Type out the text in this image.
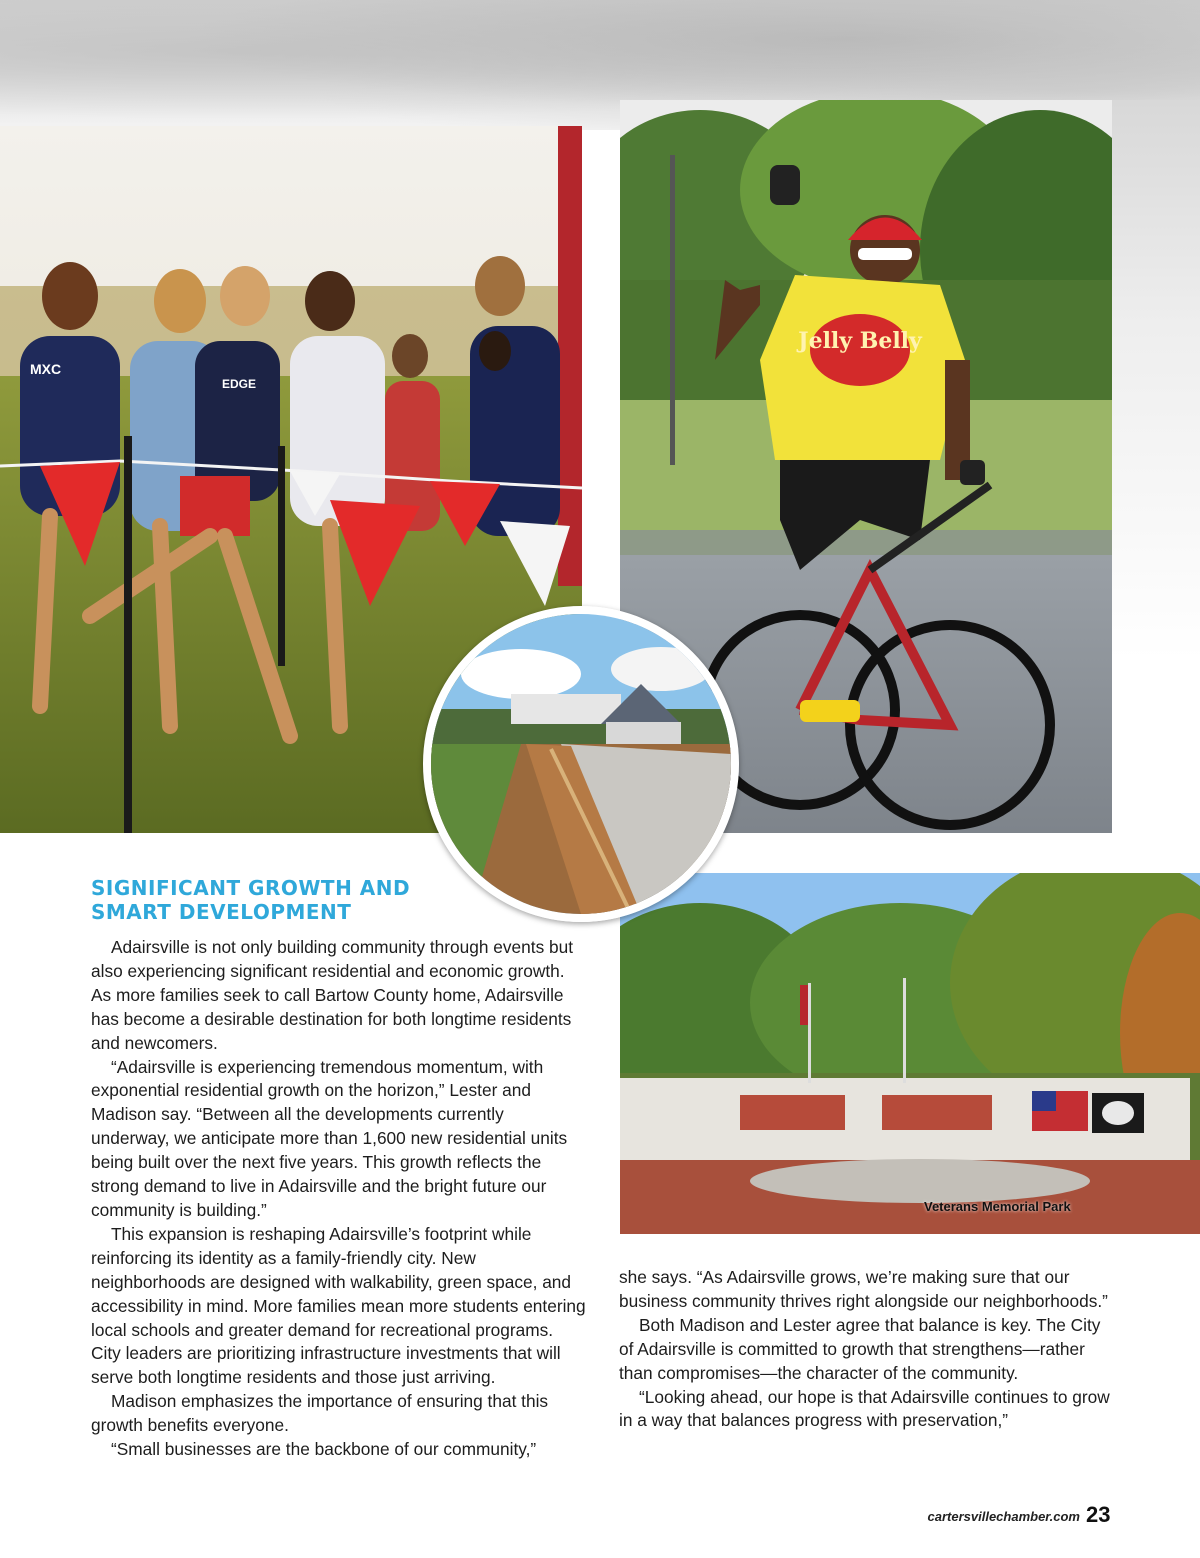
MXC
EDGE
Jelly Belly
Veterans Memorial Park
SIGNIFICANT GROWTH AND SMART DEVELOPMENT

Adairsville is not only building community through events but also experiencing significant residential and economic growth. As more families seek to call Bartow County home, Adairsville has become a desirable destination for both longtime residents and newcomers.

“Adairsville is experiencing tremendous momentum, with exponential residential growth on the horizon,” Lester and Madison say. “Between all the developments currently underway, we anticipate more than 1,600 new residential units being built over the next five years. This growth reflects the strong demand to live in Adairsville and the bright future our community is building.”

This expansion is reshaping Adairsville’s footprint while reinforcing its identity as a family-friendly city. New neighborhoods are designed with walkability, green space, and accessibility in mind. More families mean more students entering local schools and greater demand for recreational programs. City leaders are prioritizing infrastructure investments that will serve both longtime residents and those just arriving.

Madison emphasizes the importance of ensuring that this growth benefits everyone.

“Small businesses are the backbone of our community,”

she says. “As Adairsville grows, we’re making sure that our business community thrives right alongside our neighborhoods.”

Both Madison and Lester agree that balance is key. The City of Adairsville is committed to growth that strengthens—rather than compromises—the character of the community.

“Looking ahead, our hope is that Adairsville continues to grow in a way that balances progress with preservation,”

cartersvillechamber.com 23
